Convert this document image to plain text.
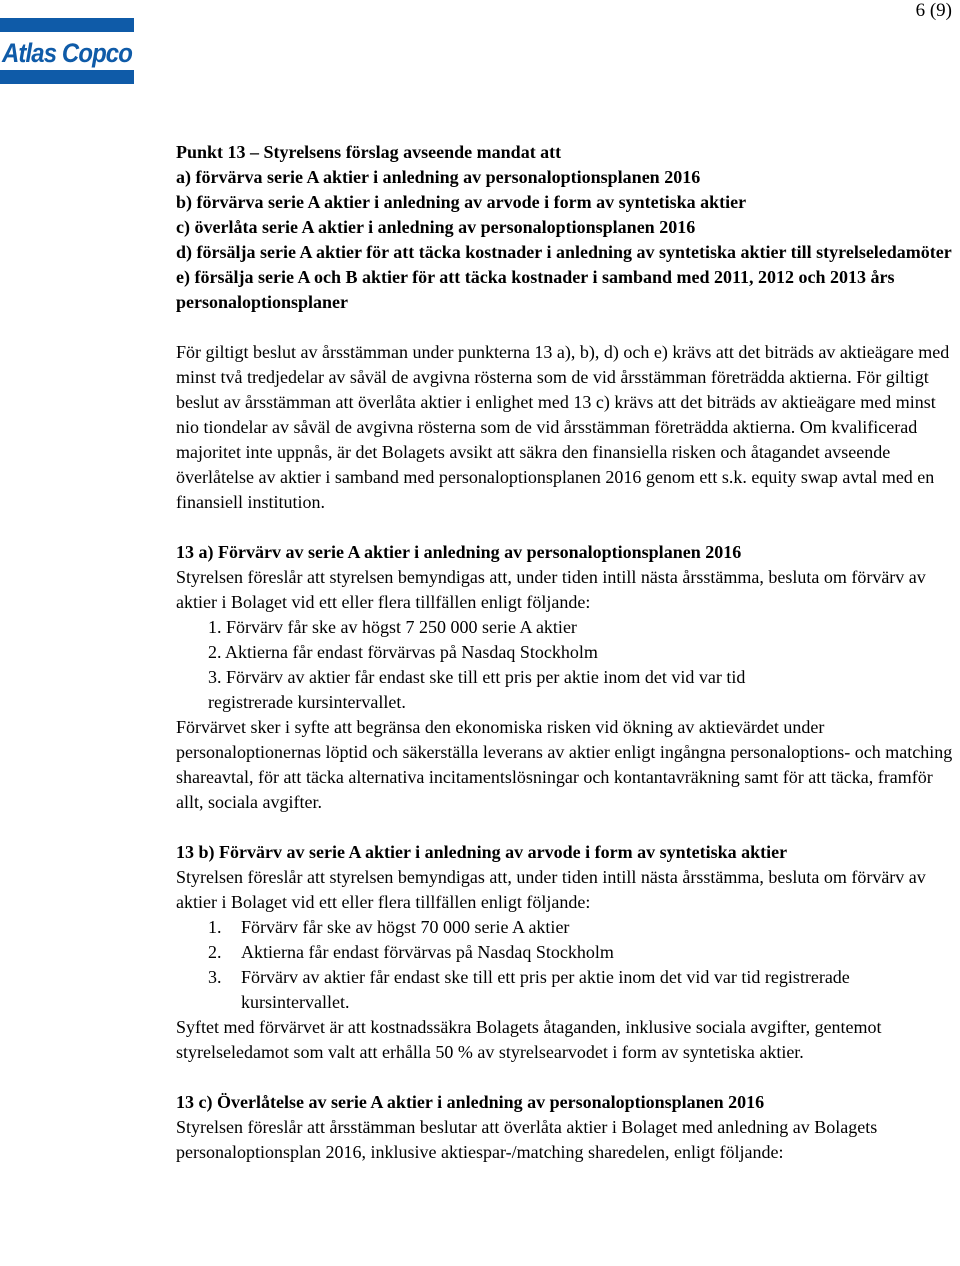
6 (9)
Atlas Copco

Punkt 13 – Styrelsens förslag avseende mandat att

a) förvärva serie A aktier i anledning av personaloptionsplanen 2016

b) förvärva serie A aktier i anledning av arvode i form av syntetiska aktier

c) överlåta serie A aktier i anledning av personaloptionsplanen 2016

d) försälja serie A aktier för att täcka kostnader i anledning av syntetiska aktier till styrelseledamöter

e) försälja serie A och B aktier för att täcka kostnader i samband med 2011, 2012 och 2013 års personaloptionsplaner

För giltigt beslut av årsstämman under punkterna 13 a), b), d) och e) krävs att det biträds av aktieägare med minst två tredjedelar av såväl de avgivna rösterna som de vid årsstämman företrädda aktierna. För giltigt beslut av årsstämman att överlåta aktier i enlighet med 13 c) krävs att det biträds av aktieägare med minst nio tiondelar av såväl de avgivna rösterna som de vid årsstämman företrädda aktierna. Om kvalificerad majoritet inte uppnås, är det Bolagets avsikt att säkra den finansiella risken och åtagandet avseende överlåtelse av aktier i samband med personaloptionsplanen 2016 genom ett s.k. equity swap avtal med en finansiell institution.

13 a) Förvärv av serie A aktier i anledning av personaloptionsplanen 2016

Styrelsen föreslår att styrelsen bemyndigas att, under tiden intill nästa årsstämma, besluta om förvärv av aktier i Bolaget vid ett eller flera tillfällen enligt följande:

1. Förvärv får ske av högst 7 250 000 serie A aktier
2. Aktierna får endast förvärvas på Nasdaq Stockholm
3. Förvärv av aktier får endast ske till ett pris per aktie inom det vid var tid
registrerade kursintervallet.

Förvärvet sker i syfte att begränsa den ekonomiska risken vid ökning av aktievärdet under personaloptionernas löptid och säkerställa leverans av aktier enligt ingångna personaloptions- och matching shareavtal, för att täcka alternativa incitamentslösningar och kontantavräkning samt för att täcka, framför allt, sociala avgifter.

13 b) Förvärv av serie A aktier i anledning av arvode i form av syntetiska aktier

Styrelsen föreslår att styrelsen bemyndigas att, under tiden intill nästa årsstämma, besluta om förvärv av aktier i Bolaget vid ett eller flera tillfällen enligt följande:

1.	Förvärv får ske av högst 70 000 serie A aktier
2.	Aktierna får endast förvärvas på Nasdaq Stockholm
3.	Förvärv av aktier får endast ske till ett pris per aktie inom det vid var tid registrerade kursintervallet.

Syftet med förvärvet är att kostnadssäkra Bolagets åtaganden, inklusive sociala avgifter, gentemot styrelseledamot som valt att erhålla 50 % av styrelsearvodet i form av syntetiska aktier.

13 c) Överlåtelse av serie A aktier i anledning av personaloptionsplanen 2016

Styrelsen föreslår att årsstämman beslutar att överlåta aktier i Bolaget med anledning av Bolagets personaloptionsplan 2016, inklusive aktiespar-/matching sharedelen, enligt följande:
